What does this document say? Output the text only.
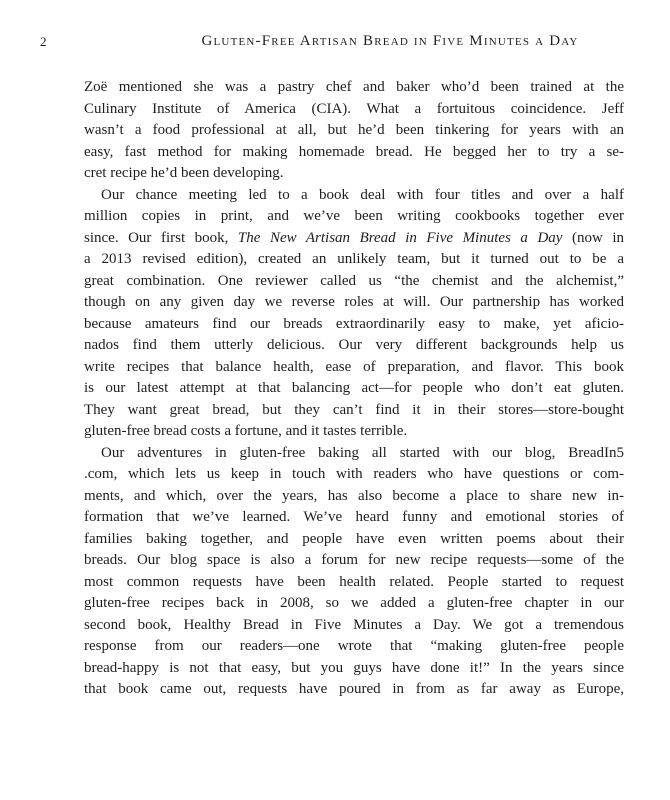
2	Gluten-Free Artisan Bread in Five Minutes a Day
Zoë mentioned she was a pastry chef and baker who’d been trained at the
Culinary Institute of America (CIA). What a fortuitous coincidence. Jeff
wasn’t a food professional at all, but he’d been tinkering for years with an
easy, fast method for making homemade bread. He begged her to try a se-
cret recipe he’d been developing.
Our chance meeting led to a book deal with four titles and over a half
million copies in print, and we’ve been writing cookbooks together ever
since. Our first book, The New Artisan Bread in Five Minutes a Day (now in
a 2013 revised edition), created an unlikely team, but it turned out to be a
great combination. One reviewer called us “the chemist and the alchemist,”
though on any given day we reverse roles at will. Our partnership has worked
because amateurs find our breads extraordinarily easy to make, yet aficio-
nados find them utterly delicious. Our very different backgrounds help us
write recipes that balance health, ease of preparation, and flavor. This book
is our latest attempt at that balancing act—for people who don’t eat gluten.
They want great bread, but they can’t find it in their stores—store-bought
gluten-free bread costs a fortune, and it tastes terrible.
Our adventures in gluten-free baking all started with our blog, BreadIn5
.com, which lets us keep in touch with readers who have questions or com-
ments, and which, over the years, has also become a place to share new in-
formation that we’ve learned. We’ve heard funny and emotional stories of
families baking together, and people have even written poems about their
breads. Our blog space is also a forum for new recipe requests—some of the
most common requests have been health related. People started to request
gluten-free recipes back in 2008, so we added a gluten-free chapter in our
second book, Healthy Bread in Five Minutes a Day. We got a tremendous
response from our readers—one wrote that “making gluten-free people
bread-happy is not that easy, but you guys have done it!” In the years since
that book came out, requests have poured in from as far away as Europe,
